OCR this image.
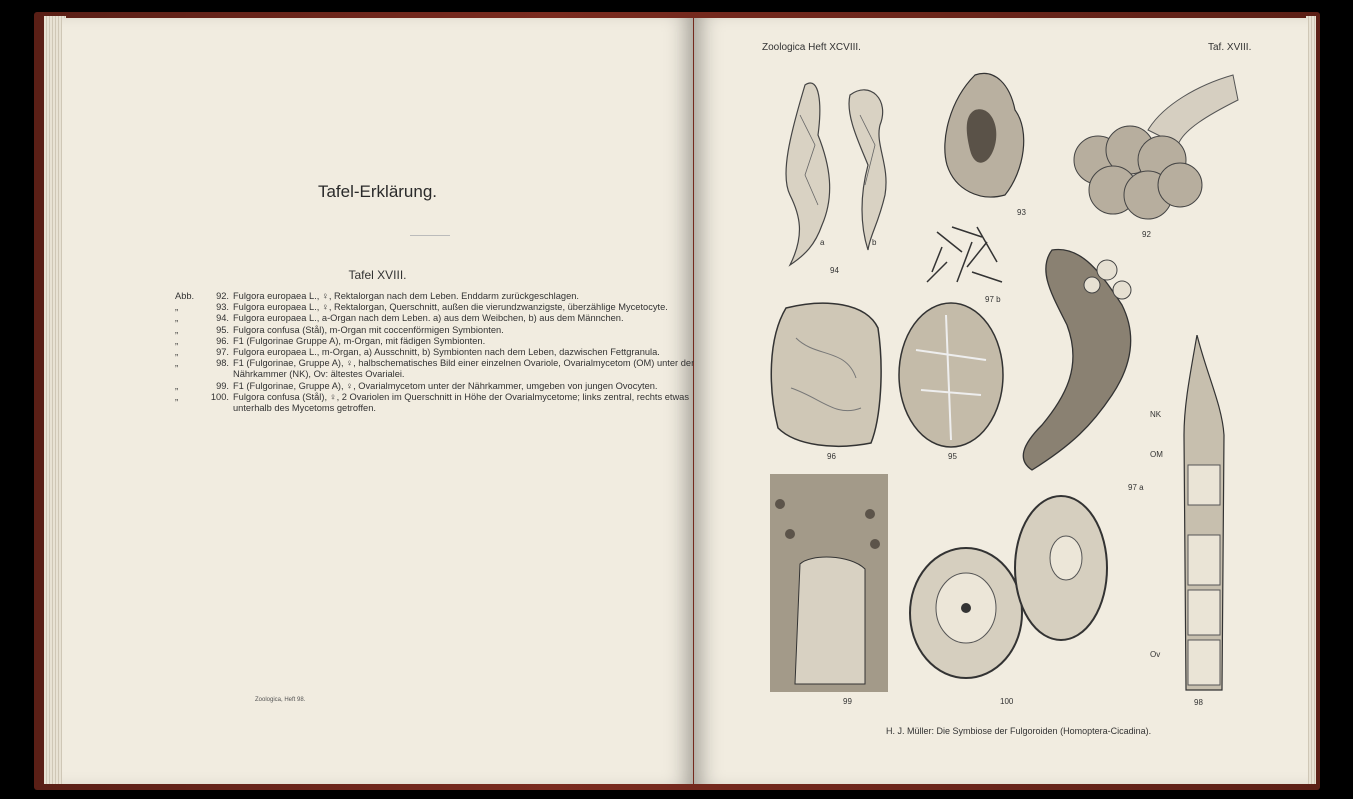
Tafel-Erklärung.
Tafel XVIII.
Abb.	92. Fulgora europaea L., ♀, Rektalorgan nach dem Leben. Enddarm zurückgeschlagen.
„	93. Fulgora europaea L., ♀, Rektalorgan, Querschnitt, außen die vierundzwanzigste, überzählige Mycetocyte.
„	94. Fulgora europaea L., a-Organ nach dem Leben. a) aus dem Weibchen, b) aus dem Männchen.
„	95. Fulgora confusa (Stål), m-Organ mit coccenförmigen Symbionten.
„	96. F1 (Fulgorinae Gruppe A), m-Organ, mit fädigen Symbionten.
„	97. Fulgora europaea L., m-Organ, a) Ausschnitt, b) Symbionten nach dem Leben, dazwischen Fettgranula.
„	98. F1 (Fulgorinae, Gruppe A), ♀, halbschematisches Bild einer einzelnen Ovariole, Ovarialmycetom (OM) unter der Nährkammer (NK), Ov: ältestes Ovarialei.
„	99. F1 (Fulgorinae, Gruppe A), ♀, Ovarialmycetom unter der Nährkammer, umgeben von jungen Ovocyten.
„	100. Fulgora confusa (Stål), ♀, 2 Ovariolen im Querschnitt in Höhe der Ovarialmycetome; links zentral, rechts etwas unterhalb des Mycetoms getroffen.
Zoologica, Heft 98.
Zoologica Heft XCVIII.	Taf. XVIII.
a	b
94
93
92
97 b
96	95
97 a
NK
OM
Ov
98
99	100
H. J. Müller: Die Symbiose der Fulgoroiden (Homoptera-Cicadina).
